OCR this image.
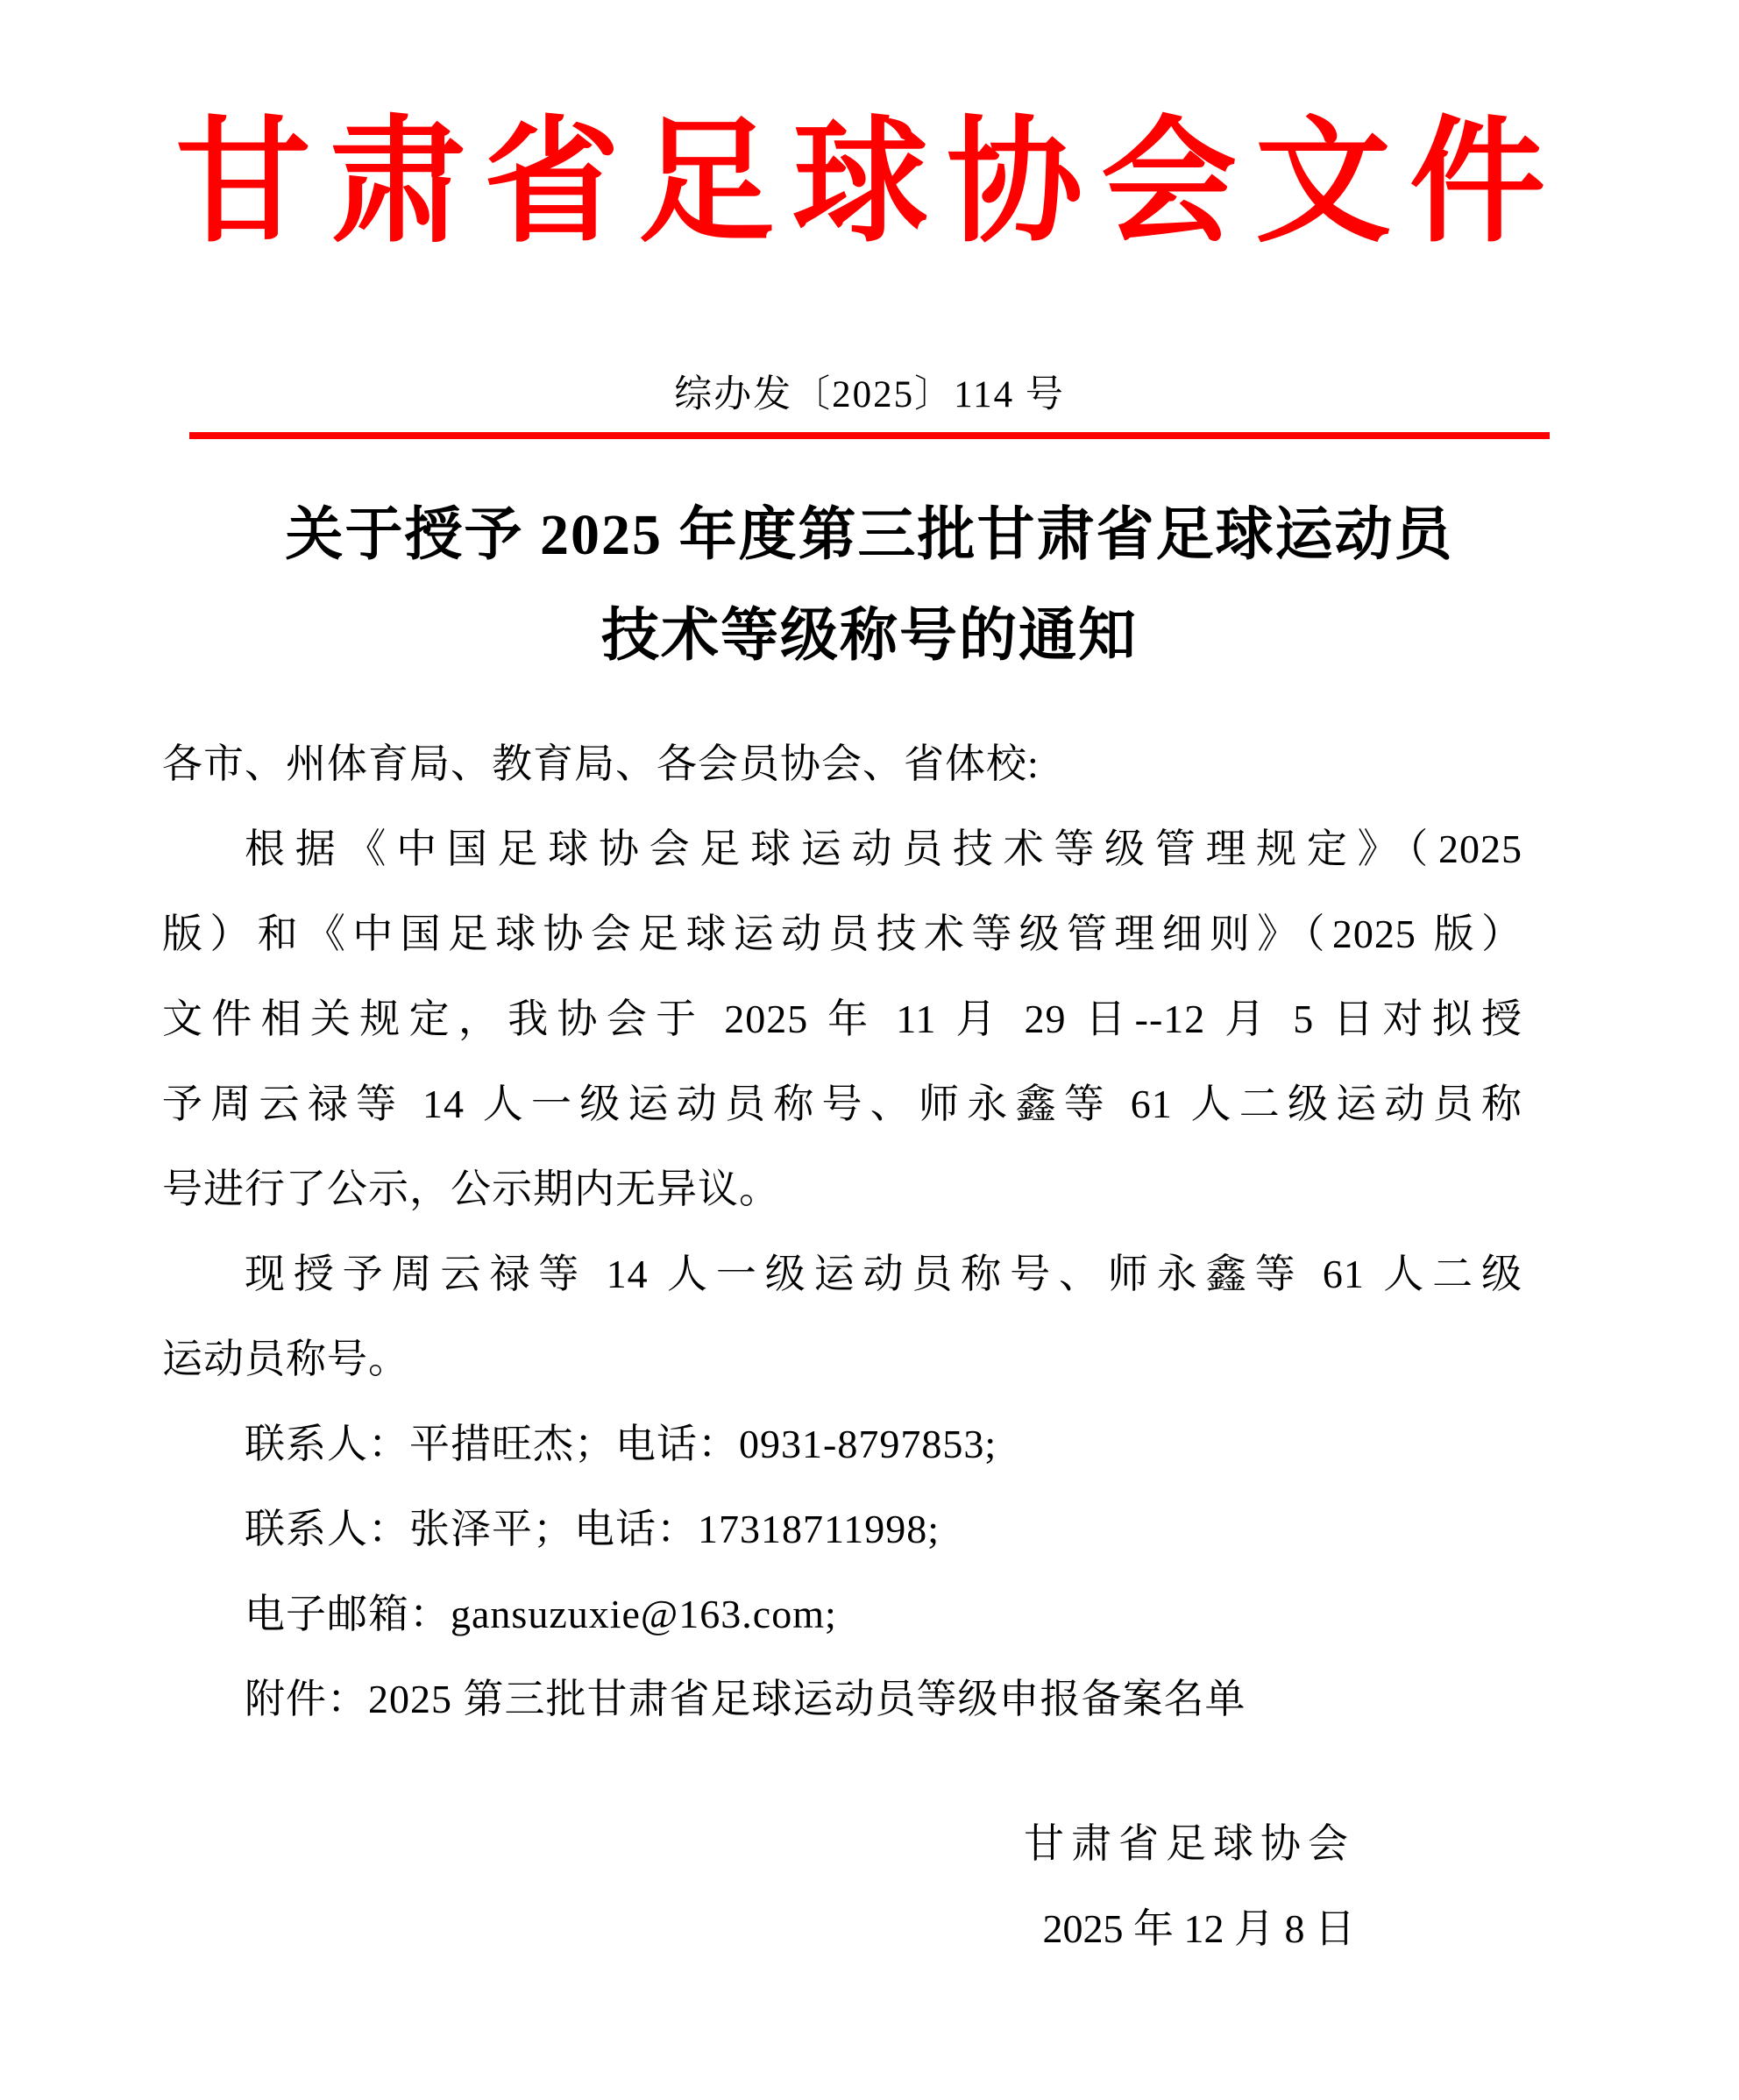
甘肃省足球协会文件
综办发〔2025〕114 号
关于授予 2025 年度第三批甘肃省足球运动员
技术等级称号的通知
各市、州体育局、教育局、各会员协会、省体校:
根据《中国足球协会足球运动员技术等级管理规定》（2025
版）和《中国足球协会足球运动员技术等级管理细则》（2025 版）
文件相关规定，我协会于 2025 年 11 月 29 日--12 月 5 日对拟授
予周云禄等 14 人一级运动员称号、师永鑫等 61 人二级运动员称
号进行了公示，公示期内无异议。
现授予周云禄等 14 人一级运动员称号、师永鑫等 61 人二级
运动员称号。
联系人：平措旺杰；电话：0931-8797853;
联系人：张泽平；电话：17318711998;
电子邮箱：gansuzuxie@163.com;
附件：2025 第三批甘肃省足球运动员等级申报备案名单
甘肃省足球协会
2025 年 12 月 8 日
